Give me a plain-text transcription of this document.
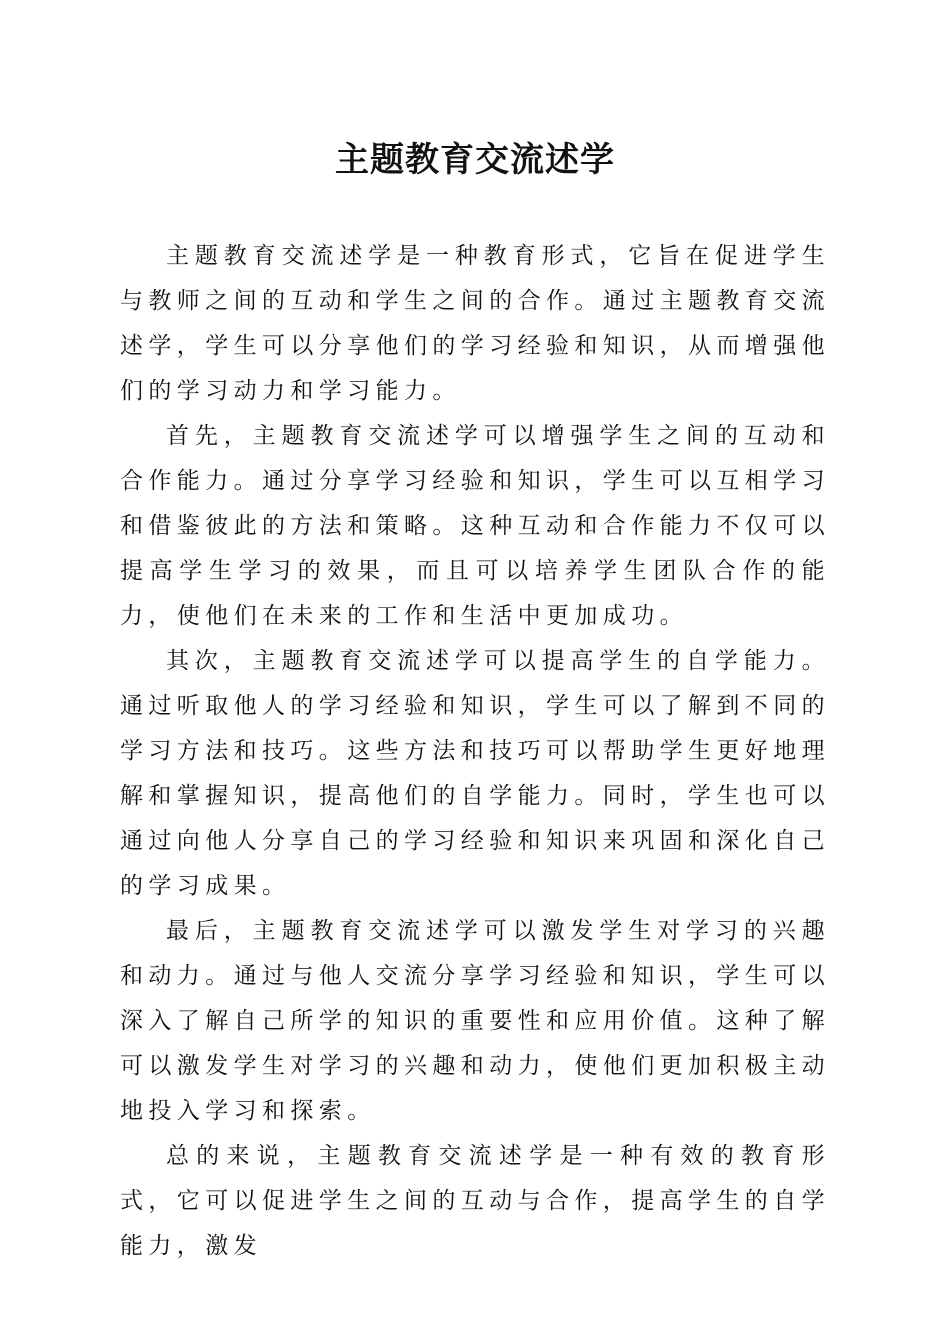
主题教育交流述学

主题教育交流述学是一种教育形式，它旨在促进学生与教师之间的互动和学生之间的合作。通过主题教育交流述学，学生可以分享他们的学习经验和知识，从而增强他们的学习动力和学习能力。

首先，主题教育交流述学可以增强学生之间的互动和合作能力。通过分享学习经验和知识，学生可以互相学习和借鉴彼此的方法和策略。这种互动和合作能力不仅可以提高学生学习的效果，而且可以培养学生团队合作的能力，使他们在未来的工作和生活中更加成功。

其次，主题教育交流述学可以提高学生的自学能力。通过听取他人的学习经验和知识，学生可以了解到不同的学习方法和技巧。这些方法和技巧可以帮助学生更好地理解和掌握知识，提高他们的自学能力。同时，学生也可以通过向他人分享自己的学习经验和知识来巩固和深化自己的学习成果。

最后，主题教育交流述学可以激发学生对学习的兴趣和动力。通过与他人交流分享学习经验和知识，学生可以深入了解自己所学的知识的重要性和应用价值。这种了解可以激发学生对学习的兴趣和动力，使他们更加积极主动地投入学习和探索。

总的来说，主题教育交流述学是一种有效的教育形式，它可以促进学生之间的互动与合作，提高学生的自学能力，激发
